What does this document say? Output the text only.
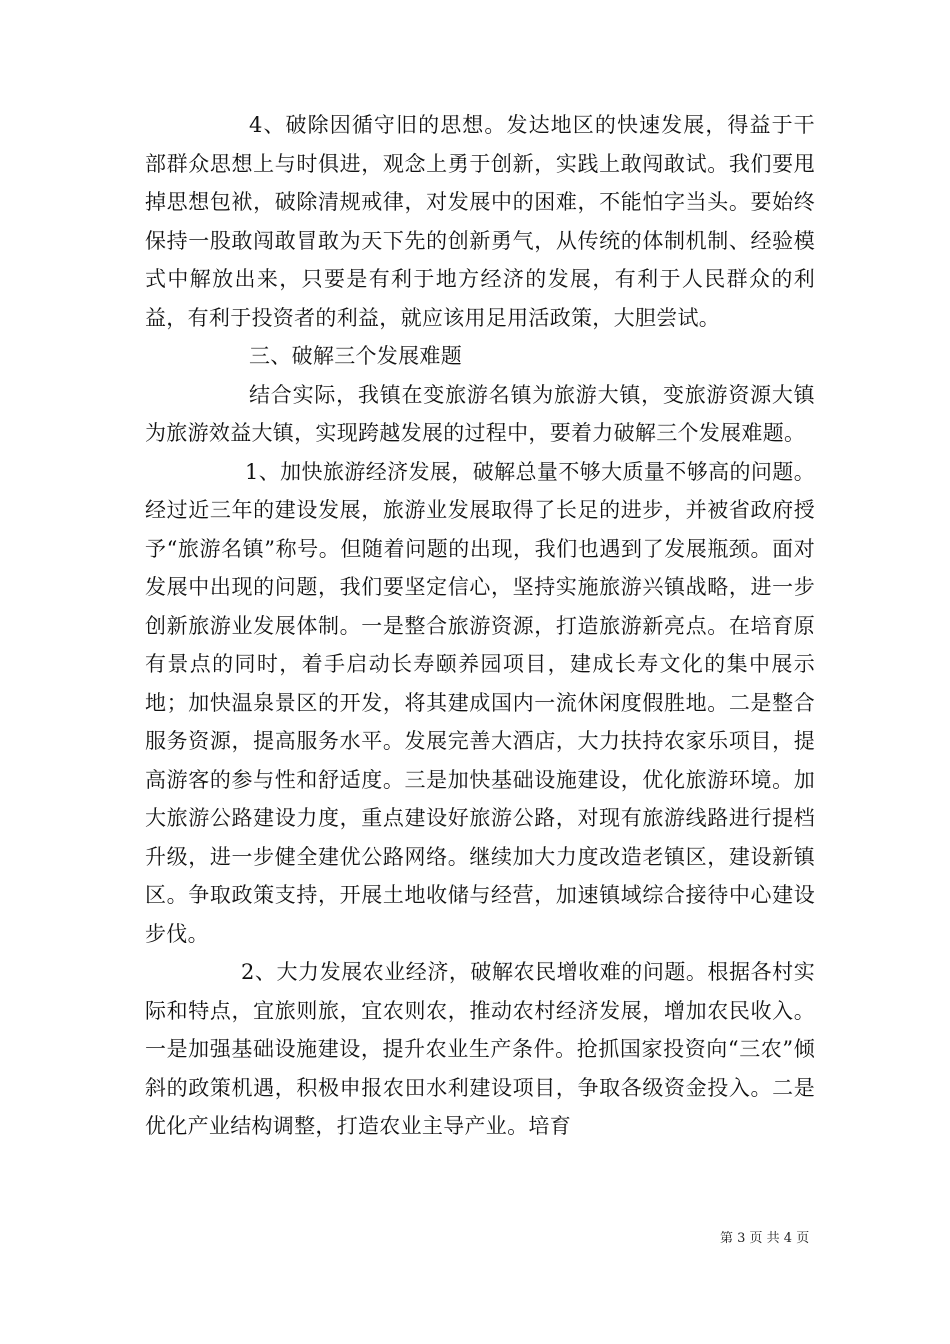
4、破除因循守旧的思想。发达地区的快速发展，得益于干部群众思想上与时俱进，观念上勇于创新，实践上敢闯敢试。我们要甩掉思想包袱，破除清规戒律，对发展中的困难，不能怕字当头。要始终保持一股敢闯敢冒敢为天下先的创新勇气，从传统的体制机制、经验模式中解放出来，只要是有利于地方经济的发展，有利于人民群众的利益，有利于投资者的利益，就应该用足用活政策，大胆尝试。

三、破解三个发展难题

结合实际，我镇在变旅游名镇为旅游大镇，变旅游资源大镇为旅游效益大镇，实现跨越发展的过程中，要着力破解三个发展难题。

1、加快旅游经济发展，破解总量不够大质量不够高的问题。经过近三年的建设发展，旅游业发展取得了长足的进步，并被省政府授予“旅游名镇”称号。但随着问题的出现，我们也遇到了发展瓶颈。面对发展中出现的问题，我们要坚定信心，坚持实施旅游兴镇战略，进一步创新旅游业发展体制。一是整合旅游资源，打造旅游新亮点。在培育原有景点的同时，着手启动长寿颐养园项目，建成长寿文化的集中展示地；加快温泉景区的开发，将其建成国内一流休闲度假胜地。二是整合服务资源，提高服务水平。发展完善大酒店，大力扶持农家乐项目，提高游客的参与性和舒适度。三是加快基础设施建设，优化旅游环境。加大旅游公路建设力度，重点建设好旅游公路，对现有旅游线路进行提档升级，进一步健全建优公路网络。继续加大力度改造老镇区，建设新镇区。争取政策支持，开展土地收储与经营，加速镇域综合接待中心建设步伐。

2、大力发展农业经济，破解农民增收难的问题。根据各村实际和特点，宜旅则旅，宜农则农，推动农村经济发展，增加农民收入。一是加强基础设施建设，提升农业生产条件。抢抓国家投资向“三农”倾斜的政策机遇，积极申报农田水利建设项目，争取各级资金投入。二是优化产业结构调整，打造农业主导产业。培育

第 3 页 共 4 页
